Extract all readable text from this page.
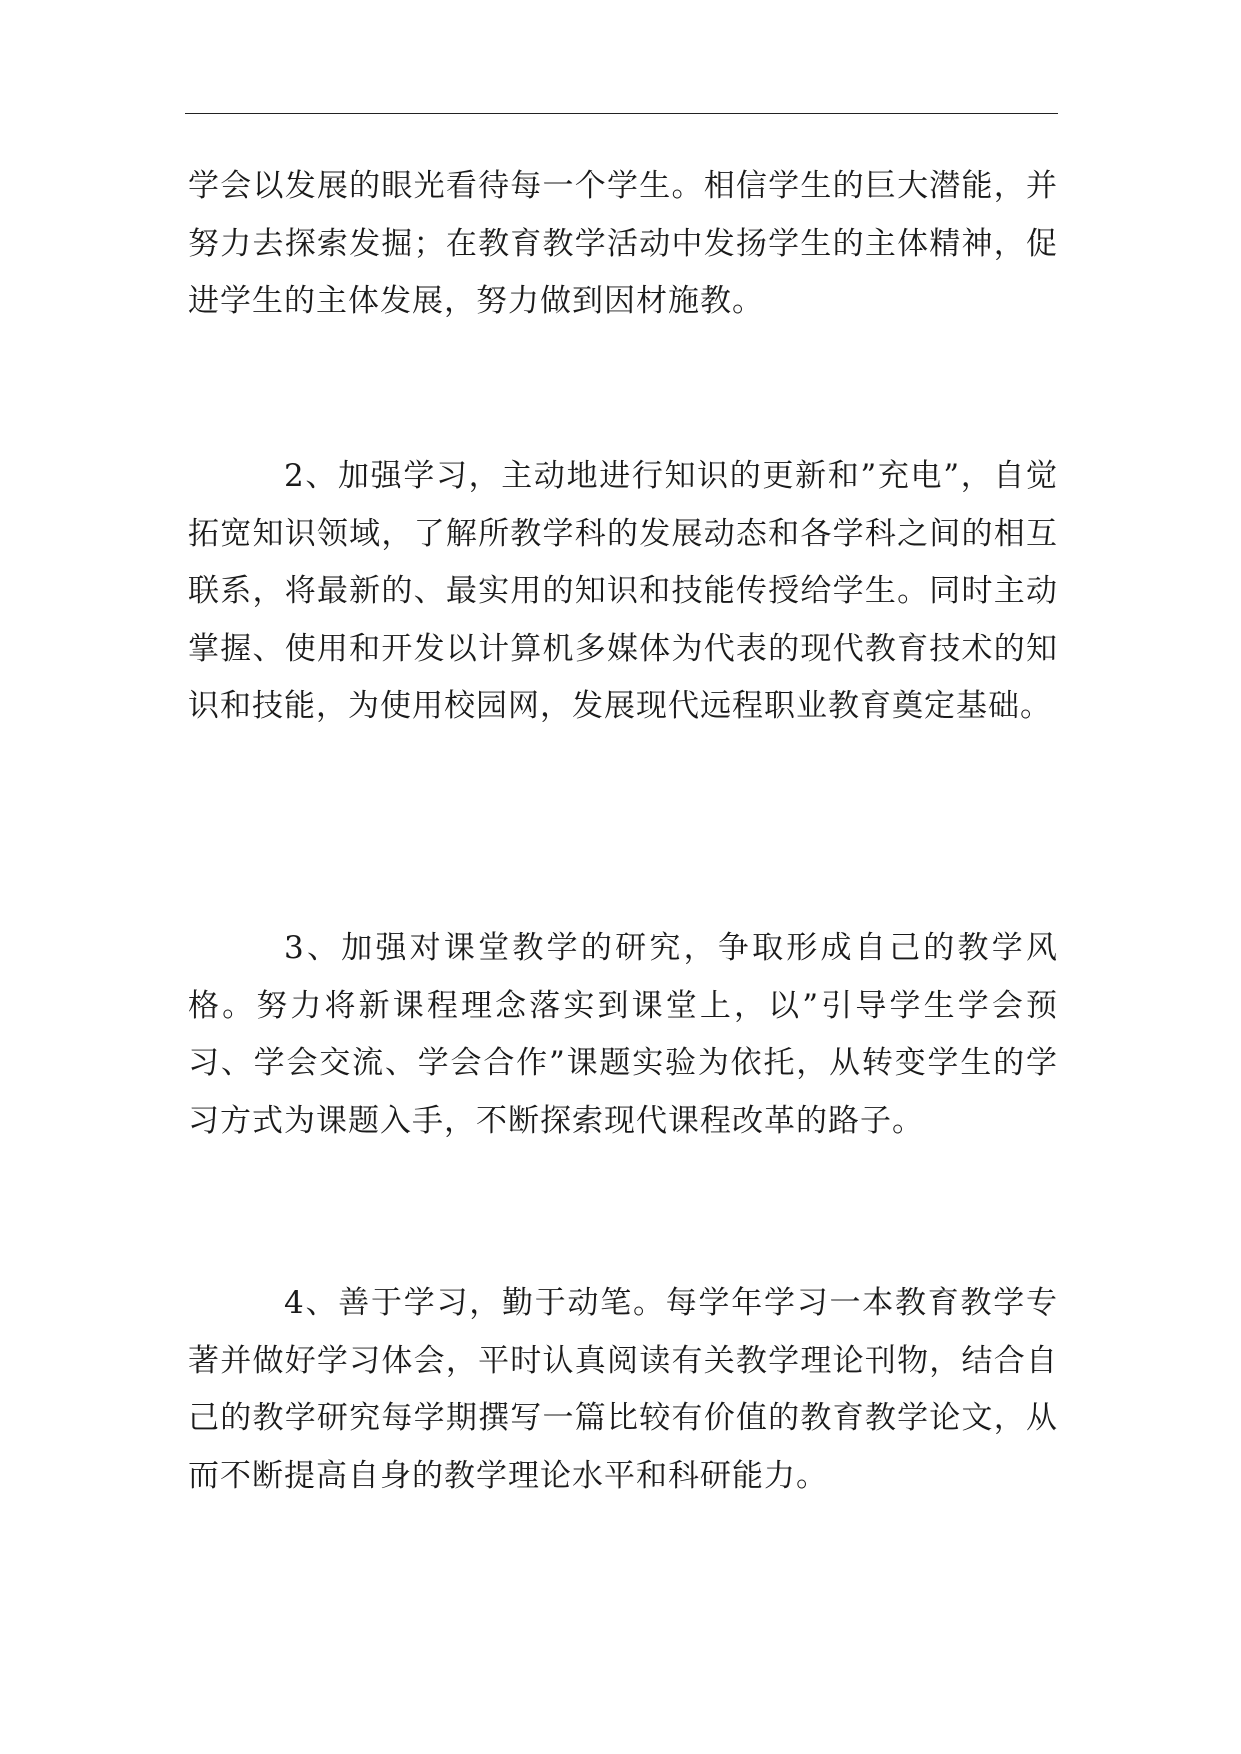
学会以发展的眼光看待每一个学生。相信学生的巨大潜能，并努力去探索发掘；在教育教学活动中发扬学生的主体精神，促进学生的主体发展，努力做到因材施教。

2、加强学习，主动地进行知识的更新和”充电”，自觉拓宽知识领域，了解所教学科的发展动态和各学科之间的相互联系，将最新的、最实用的知识和技能传授给学生。同时主动掌握、使用和开发以计算机多媒体为代表的现代教育技术的知识和技能，为使用校园网，发展现代远程职业教育奠定基础。

3、加强对课堂教学的研究，争取形成自己的教学风格。努力将新课程理念落实到课堂上，以”引导学生学会预习、学会交流、学会合作”课题实验为依托，从转变学生的学习方式为课题入手，不断探索现代课程改革的路子。

4、善于学习，勤于动笔。每学年学习一本教育教学专著并做好学习体会，平时认真阅读有关教学理论刊物，结合自己的教学研究每学期撰写一篇比较有价值的教育教学论文，从而不断提高自身的教学理论水平和科研能力。
